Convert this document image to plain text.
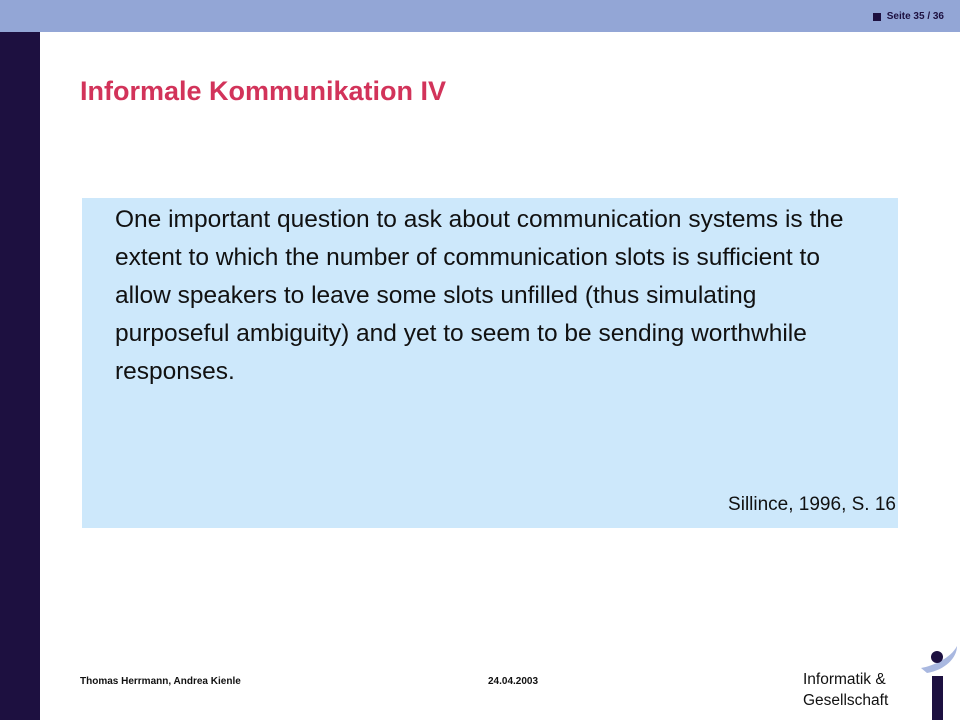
Seite 35 / 36
Informale Kommunikation IV

One important question to ask about communication systems is the extent to which the number of communication slots is sufficient to allow speakers to leave some slots unfilled (thus simulating purposeful ambiguity) and yet to seem to be sending worthwhile responses.

Sillince, 1996, S. 16
Thomas Herrmann, Andrea Kienle	24.04.2003	Informatik &
Gesellschaft
